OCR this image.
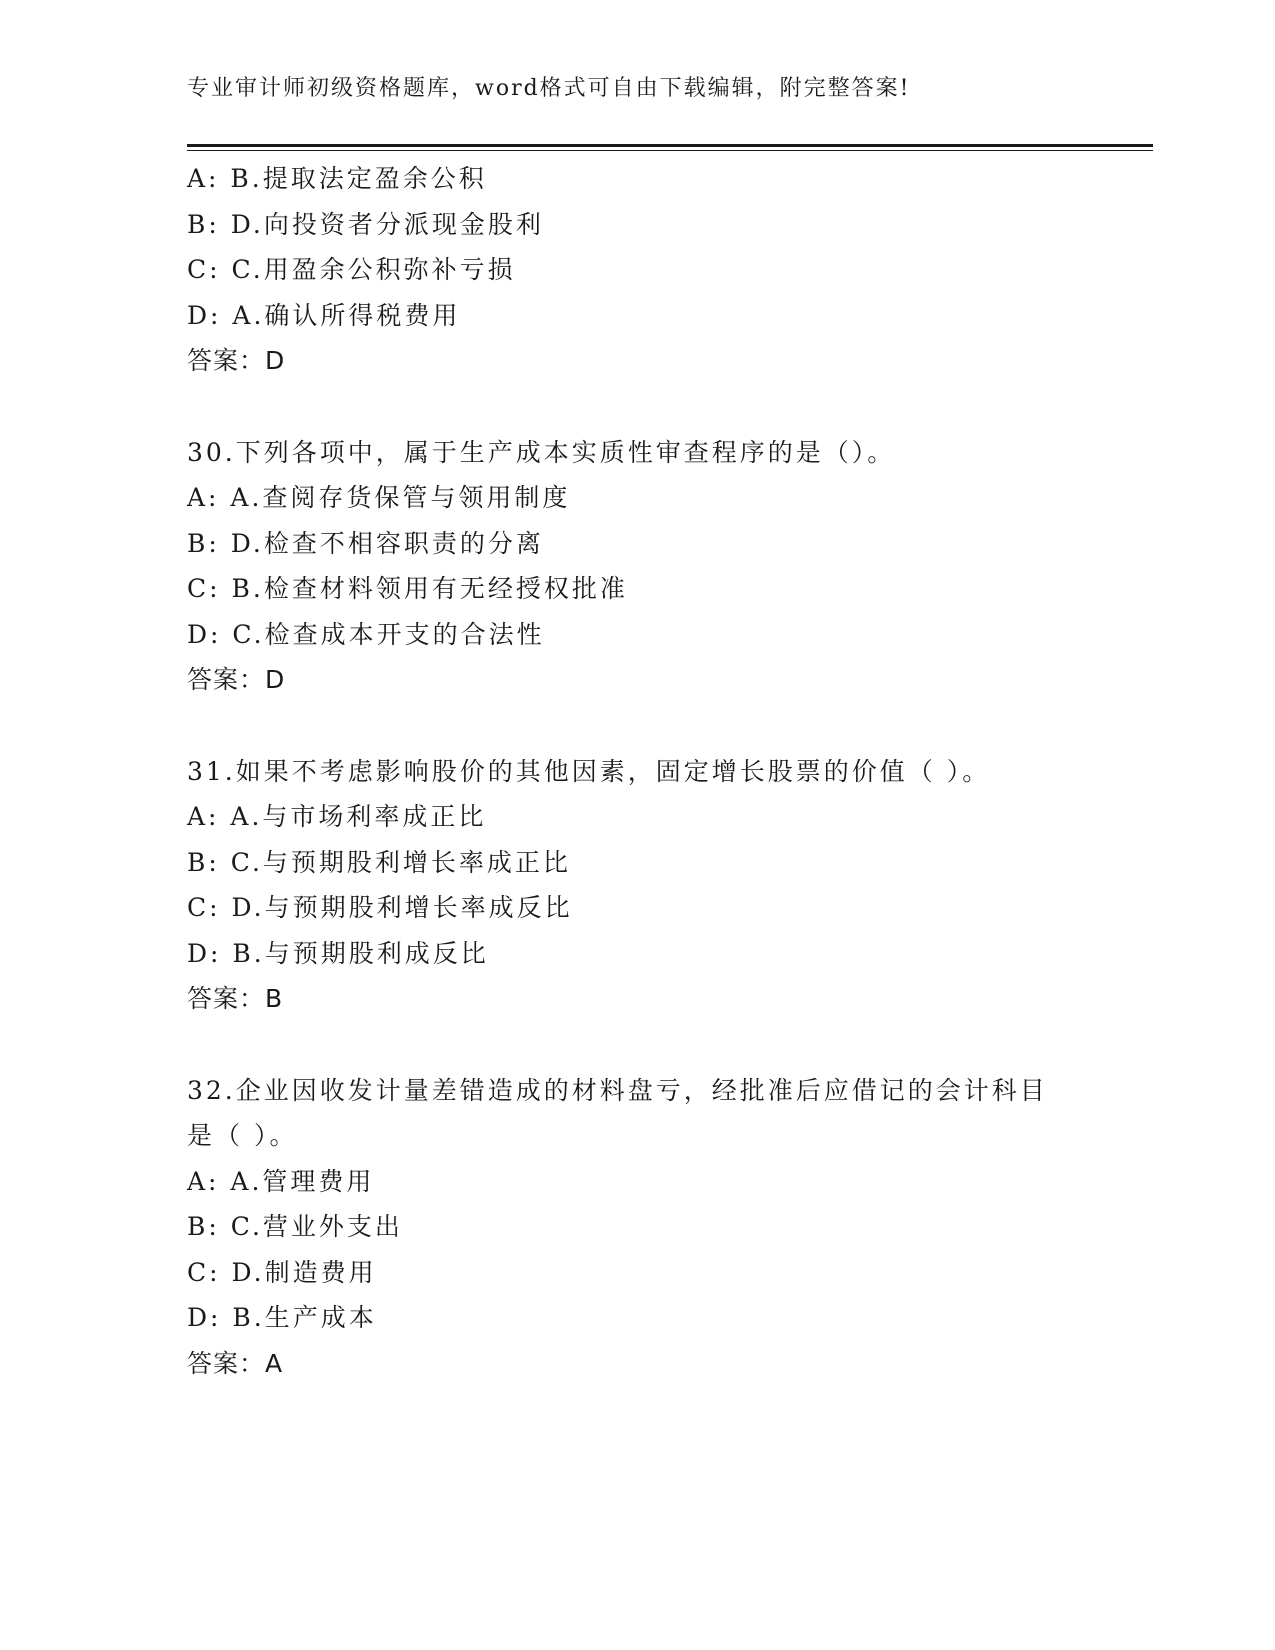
专业审计师初级资格题库，word格式可自由下载编辑，附完整答案!
A: B.提取法定盈余公积
B: D.向投资者分派现金股利
C: C.用盈余公积弥补亏损
D: A.确认所得税费用
答案：D
30.下列各项中，属于生产成本实质性审查程序的是（）。
A: A.查阅存货保管与领用制度
B: D.检查不相容职责的分离
C: B.检查材料领用有无经授权批准
D: C.检查成本开支的合法性
答案：D
31.如果不考虑影响股价的其他因素，固定增长股票的价值（ ）。
A: A.与市场利率成正比
B: C.与预期股利增长率成正比
C: D.与预期股利增长率成反比
D: B.与预期股利成反比
答案：B
32.企业因收发计量差错造成的材料盘亏，经批准后应借记的会计科目
是（ ）。
A: A.管理费用
B: C.营业外支出
C: D.制造费用
D: B.生产成本
答案：A
